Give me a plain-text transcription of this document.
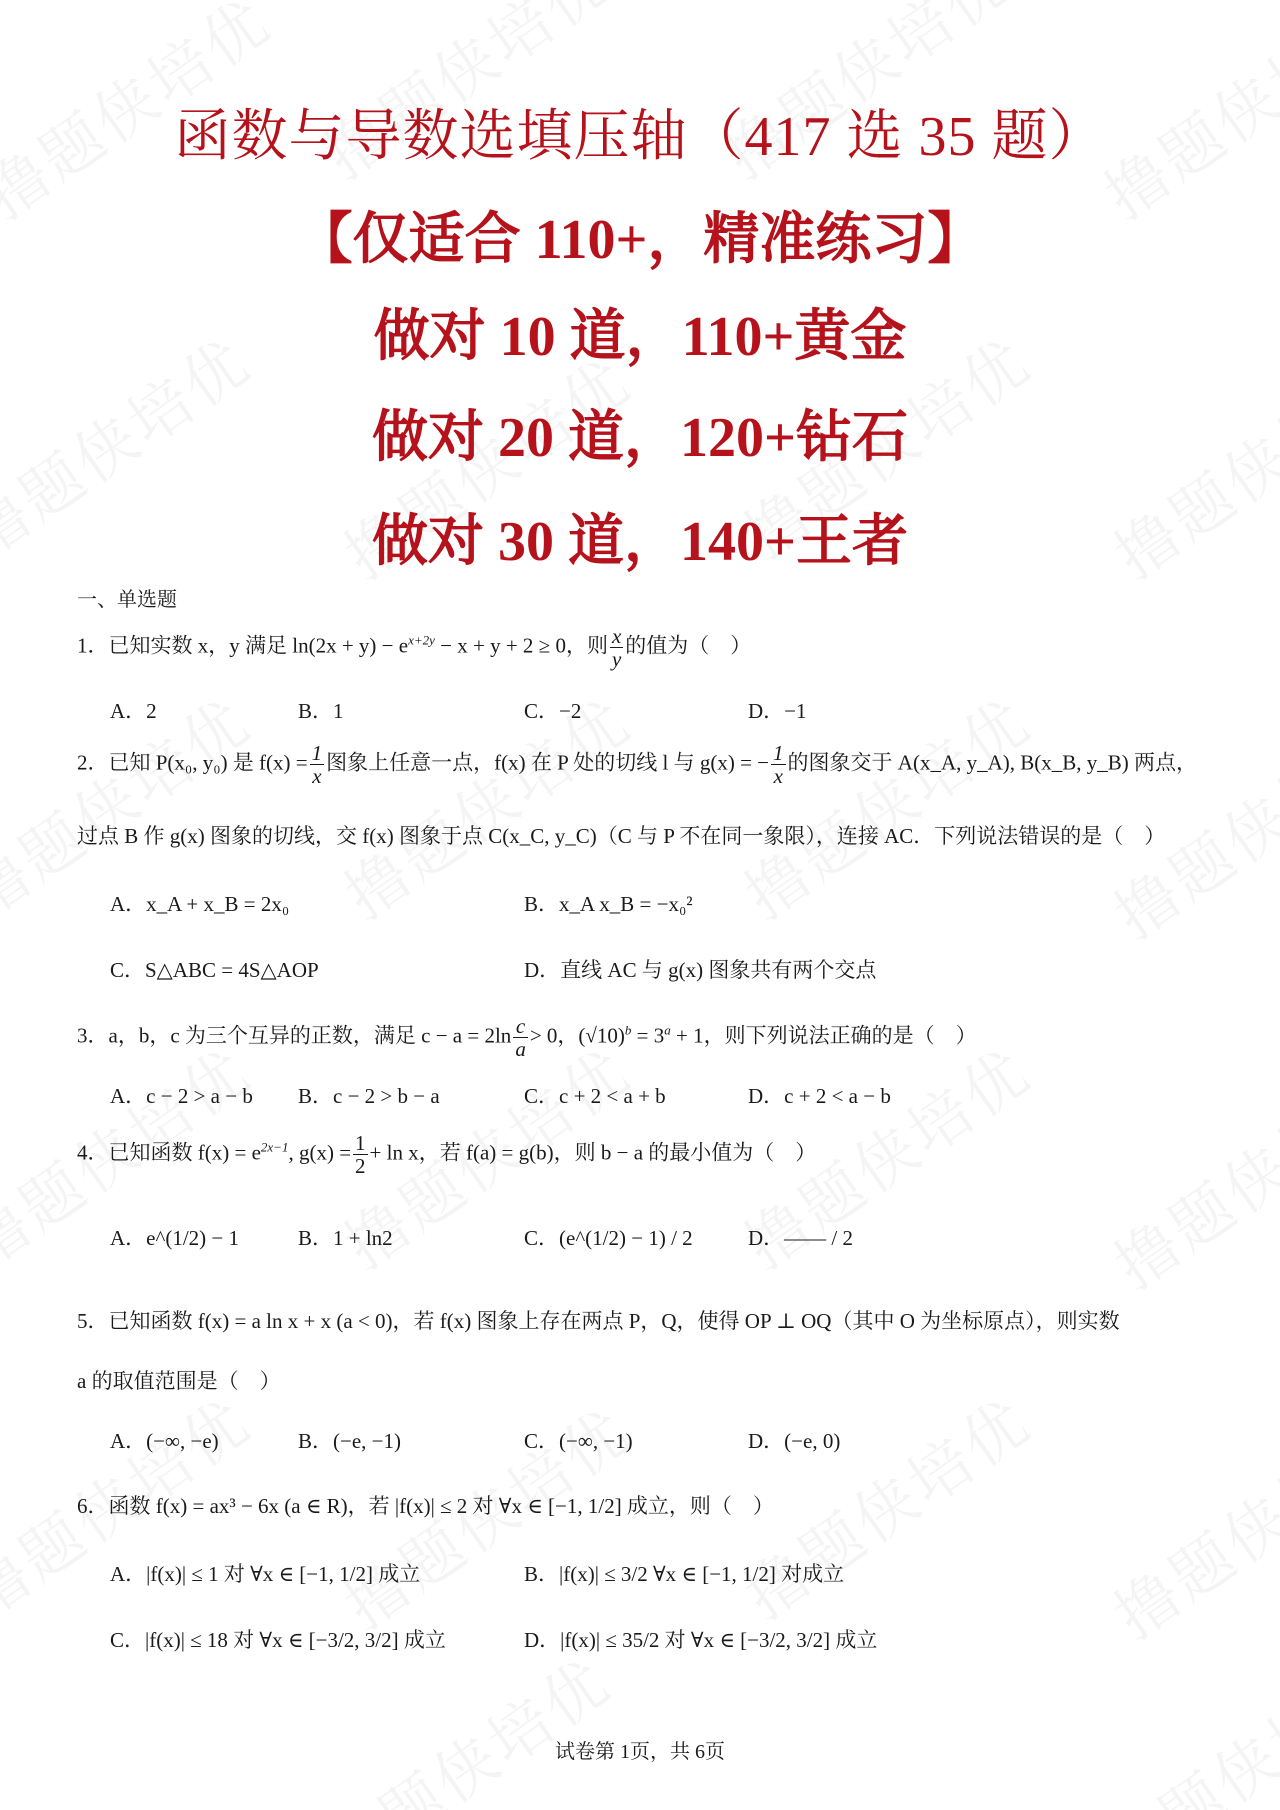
函数与导数选填压轴（417 选 35 题）
【仅适合 110+，精准练习】
做对 10 道，110+黄金
做对 20 道，120+钻石
做对 30 道，140+王者
一、单选题
1．已知实数 x，y 满足 $\ln(2x + y) - e^{x+2y} - x + y + 2 \ge 0$，则 $\frac{x}{y}$ 的值为（　）
A．2	B．1	C．−2	D．−1
2．已知 P(x₀, y₀) 是 $f(x) = \frac{1}{x}$ 图象上任意一点，f(x) 在 P 处的切线 l 与 g(x) = − $\frac{1}{x}$ 的图象交于 A(x_A, y_A), B(x_B, y_B) 两点，
过点 B 作 g(x) 图象的切线，交 f(x) 图象于点 C(x_C, y_C)（C 与 P 不在同一象限），连接 AC．下列说法错误的是（　）
A．x_A + x_B = 2x₀	B．x_A x_B = −x₀²
C．S△ABC = 4S△AOP	D．直线 AC 与 g(x) 图象共有两个交点
3．a，b，c 为三个互异的正数，满足 $c - a = 2\ln \frac{c}{a} > 0$，$(√10)^b = 3^a + 1$，则下列说法正确的是（　）
A．c − 2 > a − b B．c − 2 > b − a	C．c + 2 < a + b	D．c + 2 < a − b
4．已知函数 $f(x) = e^{2x-1}$, $g(x) = \frac{1}{2} + \ln x$，若 f(a) = g(b)，则 b − a 的最小值为（　）
A．e^(1/2) − 1	B．1 + ln2	C．(e^(1/2) − 1) / 2	D．—— / 2
5．已知函数 f(x) = a ln x + x (a < 0)，若 f(x) 图象上存在两点 P，Q，使得 OP ⊥ OQ（其中 O 为坐标原点），则实数
a 的取值范围是（　）
A．(−∞, −e)	B．(−e, −1)	C．(−∞, −1)	D．(−e, 0)
6．函数 f(x) = ax³ − 6x (a ∈ R)，若 |f(x)| ≤ 2 对 ∀x ∈ [−1, 1/2] 成立，则（　）
A．|f(x)| ≤ 1 对 ∀x ∈ [−1, 1/2] 成立	B．|f(x)| ≤ 3/2 ∀x ∈ [−1, 1/2] 对成立
C．|f(x)| ≤ 18 对 ∀x ∈ [−3/2, 3/2] 成立	D．|f(x)| ≤ 35/2 对 ∀x ∈ [−3/2, 3/2] 成立
试卷第 1页，共 6页
